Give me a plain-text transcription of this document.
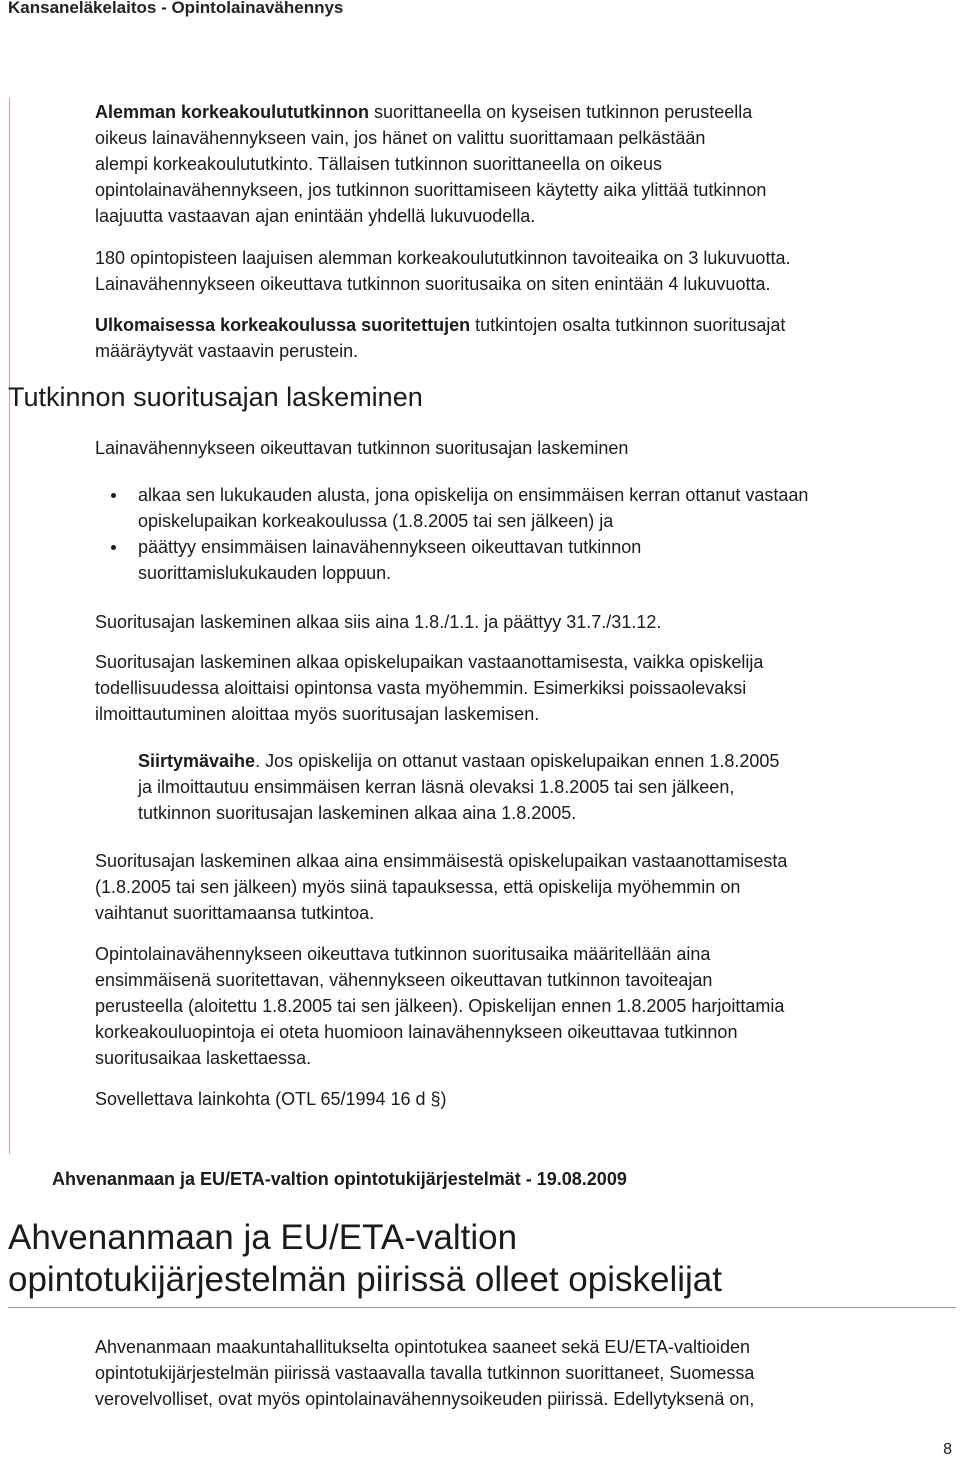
Kansaneläkelaitos - Opintolainavähennys

Alemman korkeakoulututkinnon suorittaneella on kyseisen tutkinnon perusteella
oikeus lainavähennykseen vain, jos hänet on valittu suorittamaan pelkästään
alempi korkeakoulututkinto. Tällaisen tutkinnon suorittaneella on oikeus
opintolainavähennykseen, jos tutkinnon suorittamiseen käytetty aika ylittää tutkinnon
laajuutta vastaavan ajan enintään yhdellä lukuvuodella.

180 opintopisteen laajuisen alemman korkeakoulututkinnon tavoiteaika on 3 lukuvuotta.
Lainavähennykseen oikeuttava tutkinnon suoritusaika on siten enintään 4 lukuvuotta.

Ulkomaisessa korkeakoulussa suoritettujen tutkintojen osalta tutkinnon suoritusajat
määräytyvät vastaavin perustein.

Tutkinnon suoritusajan laskeminen

Lainavähennykseen oikeuttavan tutkinnon suoritusajan laskeminen

alkaa sen lukukauden alusta, jona opiskelija on ensimmäisen kerran ottanut vastaan
opiskelupaikan korkeakoulussa (1.8.2005 tai sen jälkeen) ja
päättyy ensimmäisen lainavähennykseen oikeuttavan tutkinnon
suorittamislukukauden loppuun.

Suoritusajan laskeminen alkaa siis aina 1.8./1.1. ja päättyy 31.7./31.12.

Suoritusajan laskeminen alkaa opiskelupaikan vastaanottamisesta, vaikka opiskelija
todellisuudessa aloittaisi opintonsa vasta myöhemmin. Esimerkiksi poissaolevaksi
ilmoittautuminen aloittaa myös suoritusajan laskemisen.

Siirtymävaihe. Jos opiskelija on ottanut vastaan opiskelupaikan ennen 1.8.2005
ja ilmoittautuu ensimmäisen kerran läsnä olevaksi 1.8.2005 tai sen jälkeen,
tutkinnon suoritusajan laskeminen alkaa aina 1.8.2005.

Suoritusajan laskeminen alkaa aina ensimmäisestä opiskelupaikan vastaanottamisesta
(1.8.2005 tai sen jälkeen) myös siinä tapauksessa, että opiskelija myöhemmin on
vaihtanut suorittamaansa tutkintoa.

Opintolainavähennykseen oikeuttava tutkinnon suoritusaika määritellään aina
ensimmäisenä suoritettavan, vähennykseen oikeuttavan tutkinnon tavoiteajan
perusteella (aloitettu 1.8.2005 tai sen jälkeen). Opiskelijan ennen 1.8.2005 harjoittamia
korkeakouluopintoja ei oteta huomioon lainavähennykseen oikeuttavaa tutkinnon
suoritusaikaa laskettaessa.

Sovellettava lainkohta (OTL 65/1994 16 d §)

Ahvenanmaan ja EU/ETA-valtion opintotukijärjestelmät - 19.08.2009
Ahvenanmaan ja EU/ETA-valtion
opintotukijärjestelmän piirissä olleet opiskelijat

Ahvenanmaan maakuntahallitukselta opintotukea saaneet sekä EU/ETA-valtioiden
opintotukijärjestelmän piirissä vastaavalla tavalla tutkinnon suorittaneet, Suomessa
verovelvolliset, ovat myös opintolainavähennysoikeuden piirissä. Edellytyksenä on,

8
